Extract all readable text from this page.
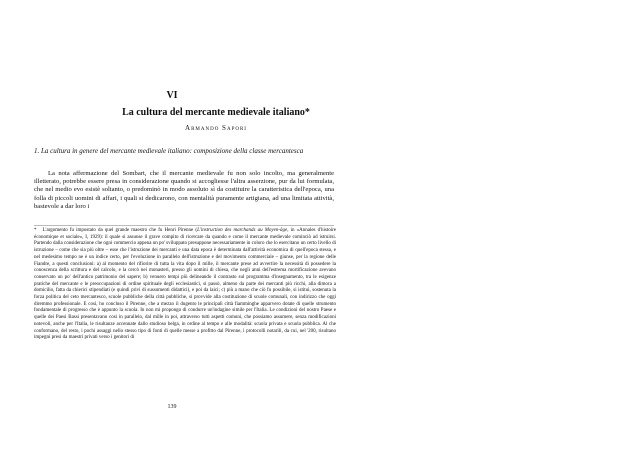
VI
La cultura del mercante medievale italiano*
Armando Sapori
1. La cultura in genere del mercante medievale italiano: composizione della classe mercantesca

La nota affermazione del Sombart, che il mercante medievale fu non solo incolto, ma generalmente illetterato, potrebbe essere presa in considerazione quando si accogliesse l'altra asserzione, pur da lui formulata, che nel medio evo esistè soltanto, o predominò in modo assoluto sì da costituire la caratteristica dell'epoca, una folla di piccoli uomini di affari, i quali si dedicarono, con mentalità puramente artigiana, ad una limitata attività, bastevole a dar loro i

* L'argomento fu impostato da quel grande maestro che fu Henri Pirenne (L'instruction des marchands au Moyen-âge, in «Annales d'histoire économique et sociale», I, 1929): il quale si assunse il grave compito di ricercare da quando e come il mercante medievale cominciò ad istruirsi. Partendo dalla considerazione che ogni commercio appena un po' sviluppato presuppone necessariamente in coloro che lo esercitano un certo livello di istruzione – come che sia più oltre – esse che l'istruzione dei mercanti e una data epoca è determinata dall'attività economica di quell'epoca stessa, e nel medesimo tempo ne è un indice certo, per l'evoluzione in parallelo dell'istruzione e del movimento commerciale – giunse, per la regione delle Fiandre, a questi conclusioni: a) al momento del rifiorire di tutta la vita dopo il mille, il mercante prese ad avvertire la necessità di possedere la conoscenza della scrittura e del calcolo, e la cercò nei monasteri, presso gli uomini di chiesa, che negli anni dell'estrema mortificazione avevano conservato un po' dell'antico patrimonio del sapere; b) venuero tempi più delineando il contrasto sul programma d'insegnamento, tra le esigenze pratiche del mercante e le preoccupazioni di ordine spirituale degli ecclesiastici, si passò, almeno da parte dei mercanti più ricchi, alla dimora a domicilio, fatta da chierici stipendiati (e quindi privi di sussumenti didattici), e poi da laici; c) più a mano che ciò fu possibile, si istituì, sostenuta la forza politica del ceto mercantesco, scuole pubbliche della città pubbliche, si provvide alla costituzione di scuole comunali, con indirizzo che oggi diremmo professionale. E così, ho concluso il Pirenne, che a mezzo il dugento le principali città fiamminghe apparvero dotate di quelle strumento fondamentale di progresso che è appunto la scuola. In non mi propongo di condurre un'indagine simile per l'Italia. Le condizioni del nostro Paese e quelle dei Paesi Bassi presentavano così in parallelo, dal mille in poi, attraverso tutti aspetti comuni, che possiamo assumere, senza modificazioni notevoli, anche per l'Italia, le risultanze accennate dallo studioso belga, in ordine al tempo e alle modalità: scuola privata e scuola pubblica. Al che conformano, del resto, i pochi assaggi nello stesso tipo di fonti di quelle messe a profitto dal Pirenne, i protocolli notarili, da cui, nel '200, risultano impegni presi da maestri privati verso i genitori di
139
